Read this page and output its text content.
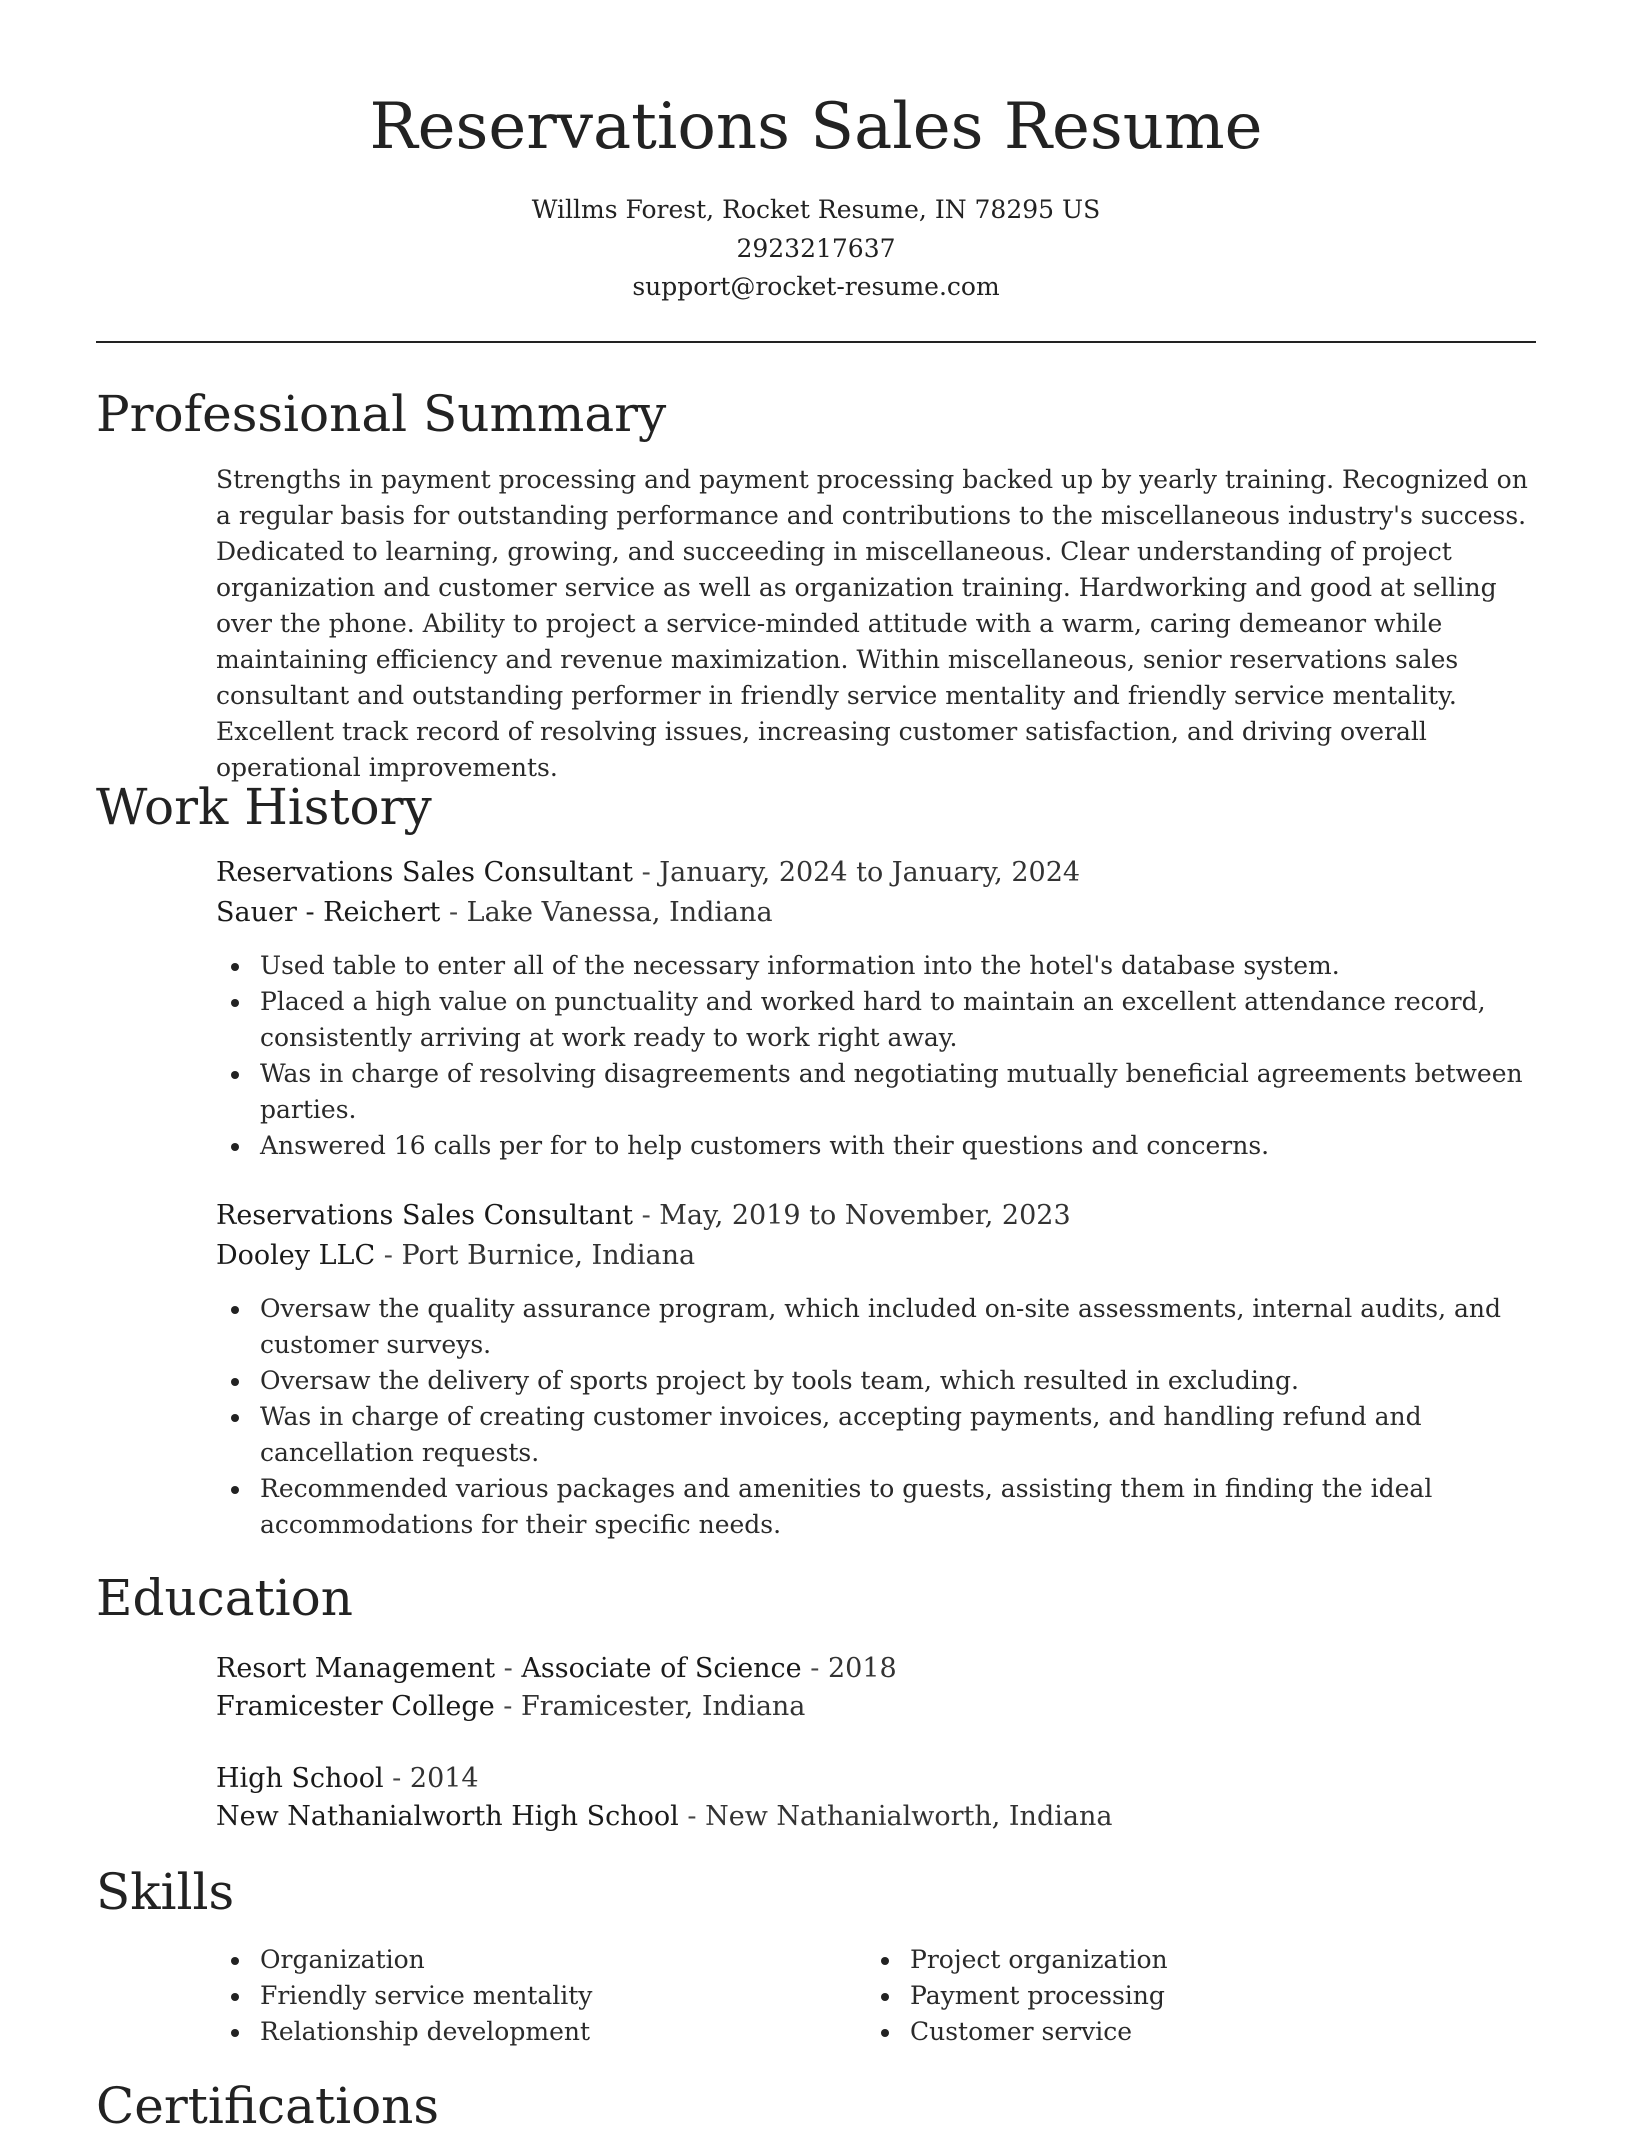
Reservations Sales Resume
Willms Forest, Rocket Resume, IN 78295 US
2923217637
support@rocket-resume.com
Professional Summary

Strengths in payment processing and payment processing backed up by yearly training. Recognized on a regular basis for outstanding performance and contributions to the miscellaneous industry's success. Dedicated to learning, growing, and succeeding in miscellaneous. Clear understanding of project organization and customer service as well as organization training. Hardworking and good at selling over the phone. Ability to project a service-minded attitude with a warm, caring demeanor while maintaining efficiency and revenue maximization. Within miscellaneous, senior reservations sales consultant and outstanding performer in friendly service mentality and friendly service mentality. Excellent track record of resolving issues, increasing customer satisfaction, and driving overall operational improvements.

Work History
Reservations Sales Consultant - January, 2024 to January, 2024
Sauer - Reichert - Lake Vanessa, Indiana
Used table to enter all of the necessary information into the hotel's database system.
Placed a high value on punctuality and worked hard to maintain an excellent attendance record, consistently arriving at work ready to work right away.
Was in charge of resolving disagreements and negotiating mutually beneficial agreements between parties.
Answered 16 calls per for to help customers with their questions and concerns.
Reservations Sales Consultant - May, 2019 to November, 2023
Dooley LLC - Port Burnice, Indiana
Oversaw the quality assurance program, which included on-site assessments, internal audits, and customer surveys.
Oversaw the delivery of sports project by tools team, which resulted in excluding.
Was in charge of creating customer invoices, accepting payments, and handling refund and cancellation requests.
Recommended various packages and amenities to guests, assisting them in finding the ideal accommodations for their specific needs.
Education
Resort Management - Associate of Science - 2018
Framicester College - Framicester, Indiana
High School - 2014
New Nathanialworth High School - New Nathanialworth, Indiana
Skills
Organization
Friendly service mentality
Relationship development
Project organization
Payment processing
Customer service
Certifications
